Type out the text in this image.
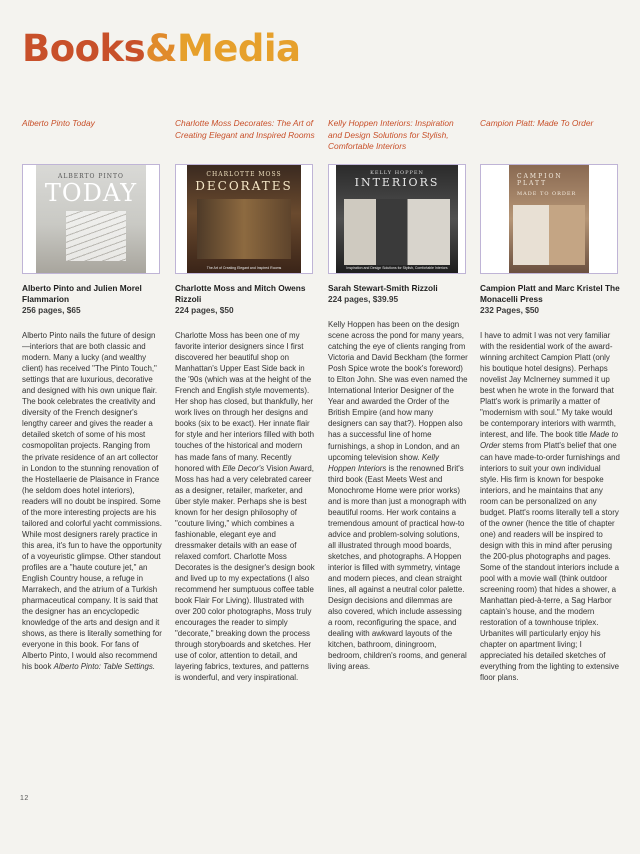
Books&Media

Alberto Pinto Today

ALBERTO PINTO
TODAY

Alberto Pinto and Julien Morel Flammarion

256 pages, $65

Alberto Pinto nails the future of design—interiors that are both classic and modern. Many a lucky (and wealthy client) has received "The Pinto Touch," settings that are luxurious, decorative and designed with his own unique flair. The book celebrates the creativity and diversity of the French designer's lengthy career and gives the reader a detailed sketch of some of his most cosmopolitan projects. Ranging from the private residence of an art collector in London to the stunning renovation of the Hostellaerie de Plaisance in France (he seldom does hotel interiors), readers will no doubt be inspired. Some of the more interesting projects are his tailored and colorful yacht commissions. While most designers rarely practice in this area, it's fun to have the opportunity of a voyeuristic glimpse. Other standout profiles are a "haute couture jet," an English Country house, a refuge in Marrakech, and the atrium of a Turkish pharmaceutical company. It is said that the designer has an encyclopedic knowledge of the arts and design and it shows, as there is literally something for everyone in this book. For fans of Alberto Pinto, I would also recommend his book Alberto Pinto: Table Settings.

Charlotte Moss Decorates: The Art of Creating Elegant and Inspired Rooms

CHARLOTTE MOSS
DECORATES
The Art of Creating Elegant and Inspired Rooms

Charlotte Moss and Mitch Owens Rizzoli

224 pages, $50

Charlotte Moss has been one of my favorite interior designers since I first discovered her beautiful shop on Manhattan's Upper East Side back in the '90s (which was at the height of the French and English style movements). Her shop has closed, but thankfully, her work lives on through her designs and books (six to be exact). Her innate flair for style and her interiors filled with both touches of the historical and modern has made fans of many. Recently honored with Elle Decor's Vision Award, Moss has had a very celebrated career as a designer, retailer, marketer, and über style maker. Perhaps she is best known for her design philosophy of "couture living," which combines a fashionable, elegant eye and dressmaker details with an ease of relaxed comfort. Charlotte Moss Decorates is the designer's design book and lived up to my expectations (I also recommend her sumptuous coffee table book Flair For Living). Illustrated with over 200 color photographs, Moss truly encourages the reader to simply "decorate," breaking down the process through storyboards and sketches. Her use of color, attention to detail, and layering fabrics, textures, and patterns is wonderful, and very inspirational.

Kelly Hoppen Interiors: Inspiration and Design Solutions for Stylish, Comfortable Interiors

KELLY HOPPEN
INTERIORS
Inspiration and Design Solutions for Stylish, Comfortable Interiors

Sarah Stewart-Smith Rizzoli

224 pages, $39.95

Kelly Hoppen has been on the design scene across the pond for many years, catching the eye of clients ranging from Victoria and David Beckham (the former Posh Spice wrote the book's foreword) to Elton John. She was even named the International Interior Designer of the Year and awarded the Order of the British Empire (and how many designers can say that?). Hoppen also has a successful line of home furnishings, a shop in London, and an upcoming television show. Kelly Hoppen Interiors is the renowned Brit's third book (East Meets West and Monochrome Home were prior works) and is more than just a monograph with beautiful rooms. Her work contains a tremendous amount of practical how-to advice and problem-solving solutions, all illustrated through mood boards, sketches, and photographs. A Hoppen interior is filled with symmetry, vintage and modern pieces, and clean straight lines, all against a neutral color palette. Design decisions and dilemmas are also covered, which include assessing a room, reconfiguring the space, and dealing with awkward layouts of the kitchen, bathroom, diningroom, bedroom, children's rooms, and general living areas.

Campion Platt: Made To Order

CAMPION PLATT
MADE TO ORDER

Campion Platt and Marc Kristel The Monacelli Press

232 Pages, $50

I have to admit I was not very familiar with the residential work of the award-winning architect Campion Platt (only his boutique hotel designs). Perhaps novelist Jay McInerney summed it up best when he wrote in the forward that Platt's work is primarily a matter of "modernism with soul." My take would be contemporary interiors with warmth, interest, and life. The book title Made to Order stems from Platt's belief that one can have made-to-order furnishings and interiors to suit your own individual style. His firm is known for bespoke interiors, and he maintains that any room can be personalized on any budget. Platt's rooms literally tell a story of the owner (hence the title of chapter one) and readers will be inspired to design with this in mind after perusing the 200-plus photographs and pages. Some of the standout interiors include a pool with a movie wall (think outdoor screening room) that hides a shower, a Manhattan pied-à-terre, a Sag Harbor captain's house, and the modern restoration of a townhouse triplex. Urbanites will particularly enjoy his chapter on apartment living; I appreciated his detailed sketches of everything from the lighting to extensive floor plans.

12
